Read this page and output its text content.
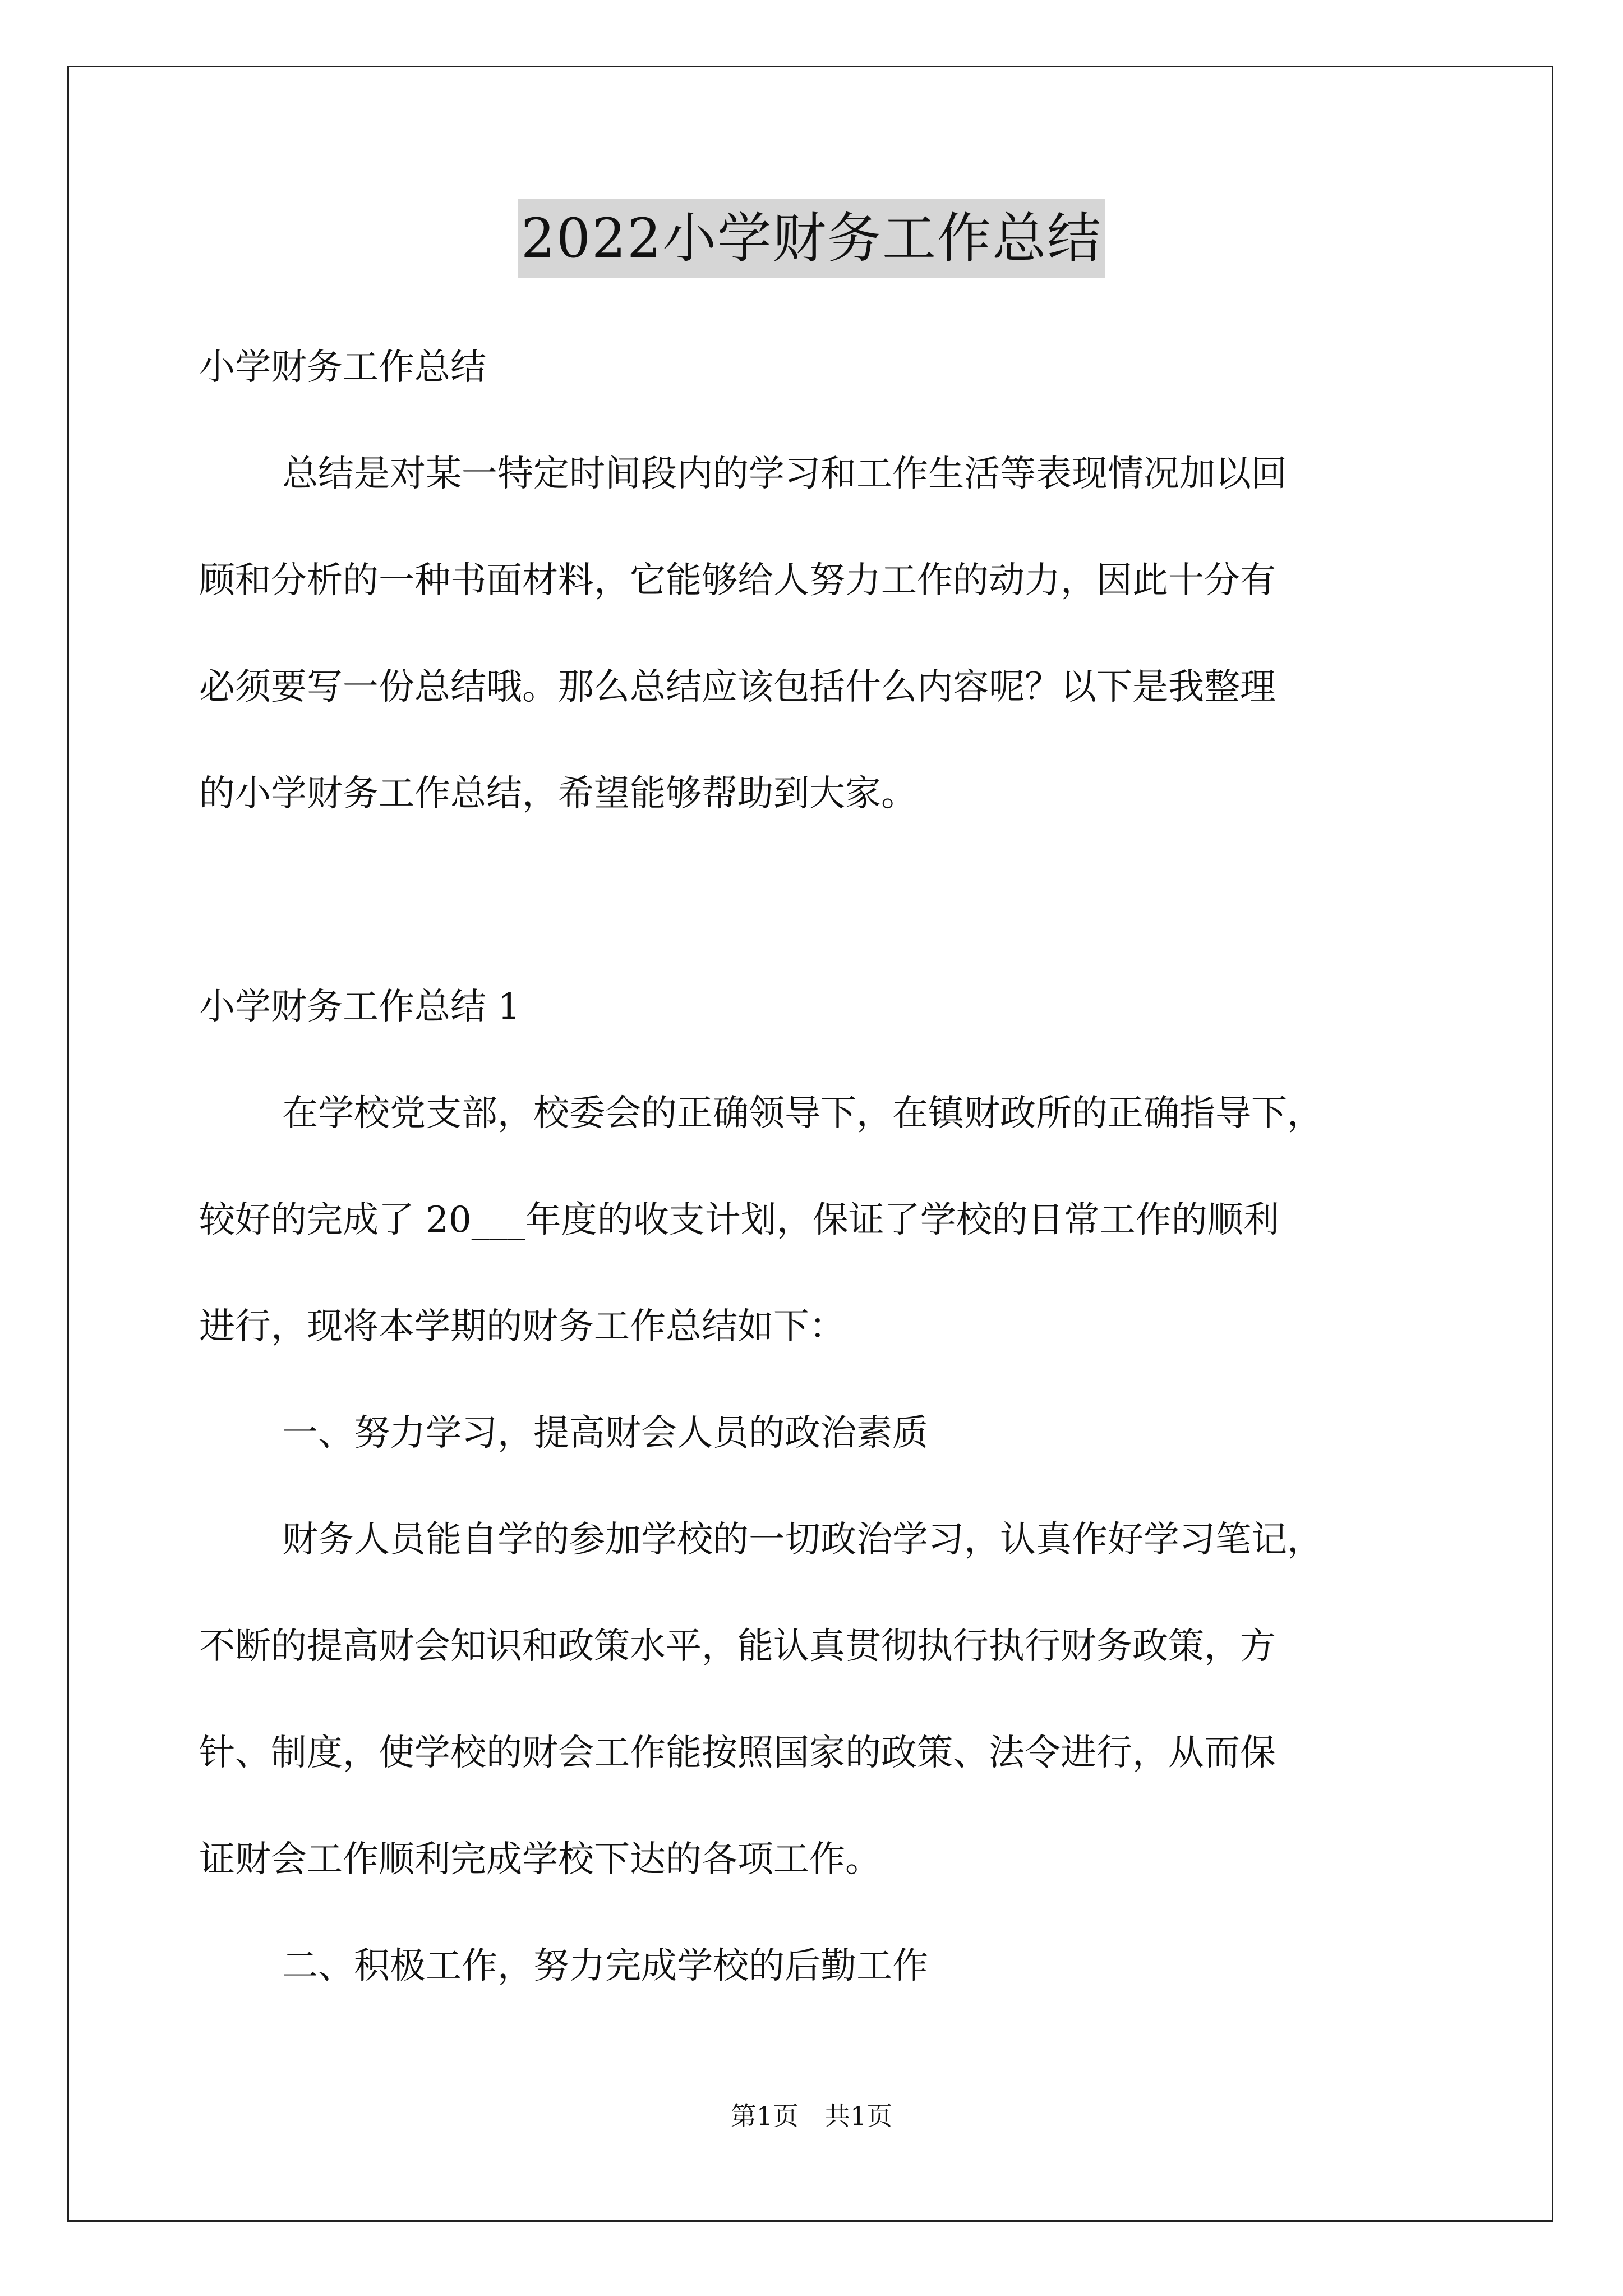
2022小学财务工作总结

小学财务工作总结

总结是对某一特定时间段内的学习和工作生活等表现情况加以回

顾和分析的一种书面材料，它能够给人努力工作的动力，因此十分有

必须要写一份总结哦。那么总结应该包括什么内容呢？以下是我整理

的小学财务工作总结，希望能够帮助到大家。

小学财务工作总结 1

在学校党支部，校委会的正确领导下，在镇财政所的正确指导下，

较好的完成了 20___年度的收支计划，保证了学校的日常工作的顺利

进行，现将本学期的财务工作总结如下：

一、努力学习，提高财会人员的政治素质

财务人员能自学的参加学校的一切政治学习，认真作好学习笔记，

不断的提高财会知识和政策水平，能认真贯彻执行执行财务政策，方

针、制度，使学校的财会工作能按照国家的政策、法令进行，从而保

证财会工作顺利完成学校下达的各项工作。

二、积极工作，努力完成学校的后勤工作

第1页　共1页
